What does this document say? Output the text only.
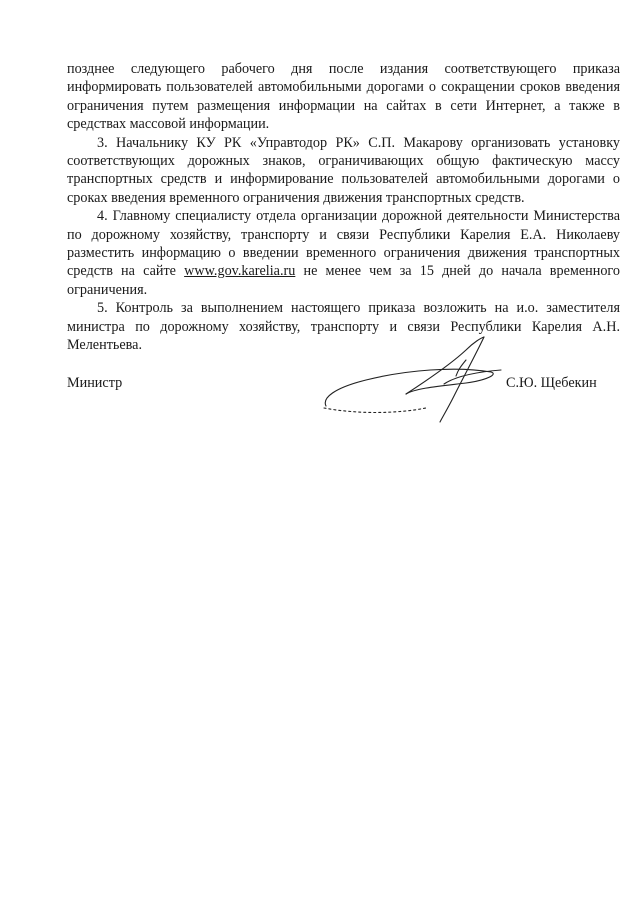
позднее следующего рабочего дня после издания соответствующего приказа информировать пользователей автомобильными дорогами о сокращении сроков введения ограничения путем размещения информации на сайтах в сети Интернет, а также в средствах массовой информации.

3. Начальнику КУ РК «Управтодор РК» С.П. Макарову организовать установку соответствующих дорожных знаков, ограничивающих общую фактическую массу транспортных средств и информирование пользователей автомобильными дорогами о сроках введения временного ограничения движения транспортных средств.

4. Главному специалисту отдела организации дорожной деятельности Министерства по дорожному хозяйству, транспорту и связи Республики Карелия Е.А. Николаеву разместить информацию о введении временного ограничения движения транспортных средств на сайте www.gov.karelia.ru не менее чем за 15 дней до начала временного ограничения.

5. Контроль за выполнением настоящего приказа возложить на и.о. заместителя министра по дорожному хозяйству, транспорту и связи Республики Карелия А.Н. Мелентьева.

Министр	С.Ю. Щебекин
